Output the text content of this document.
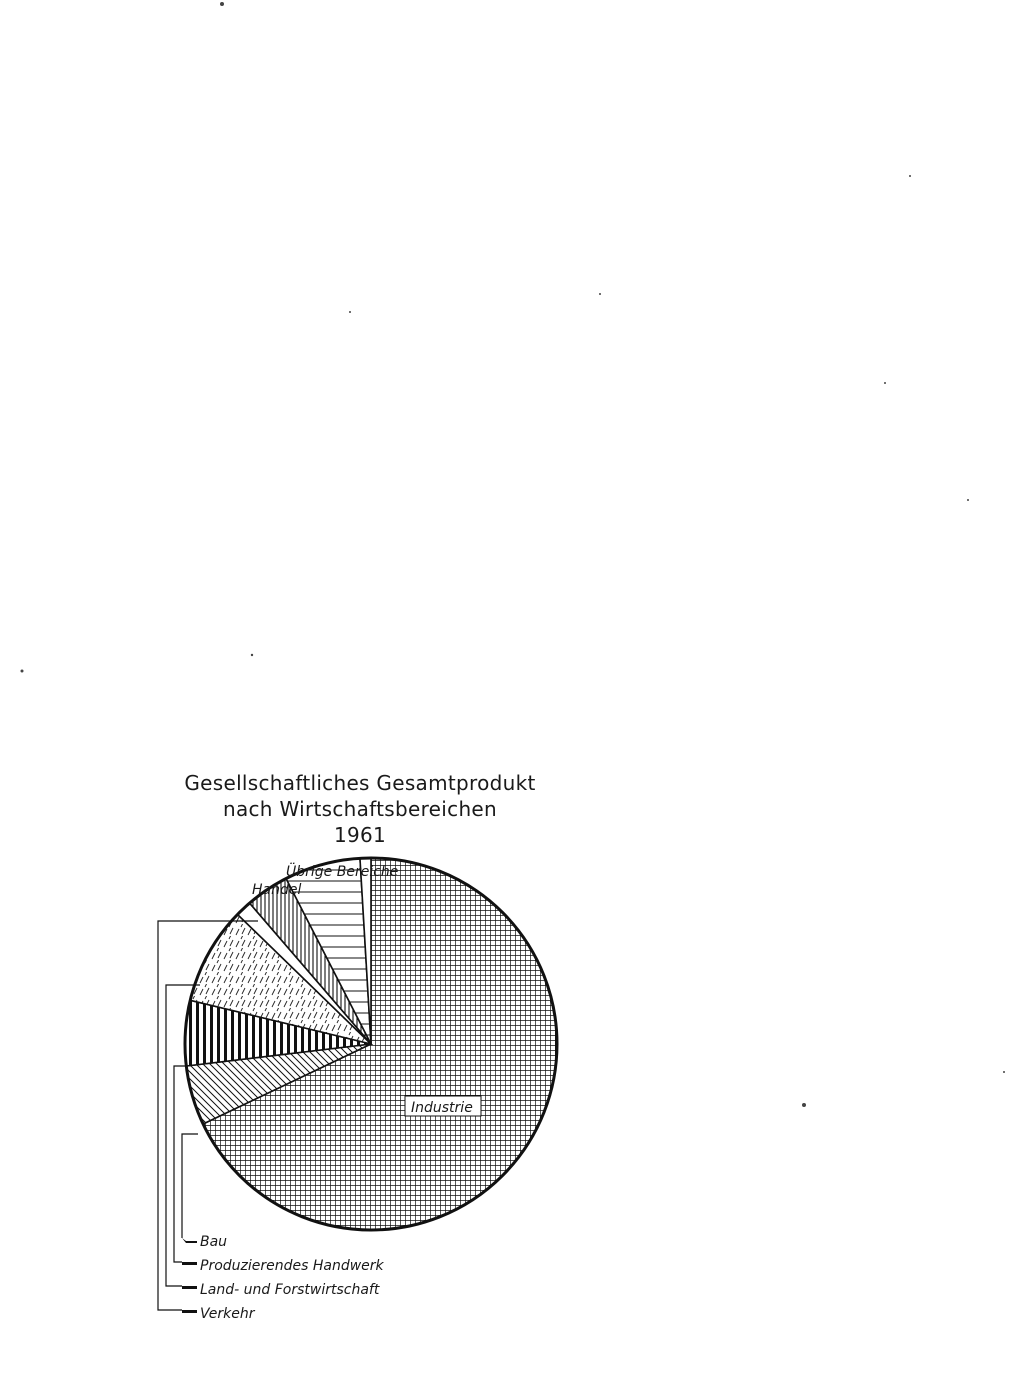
Gesellschaftliches Gesamtprodukt
nach Wirtschaftsbereichen
1961
Industrie
Übrige Bereiche
Handel
Bau
Produzierendes Handwerk
Land- und Forstwirtschaft
Verkehr
